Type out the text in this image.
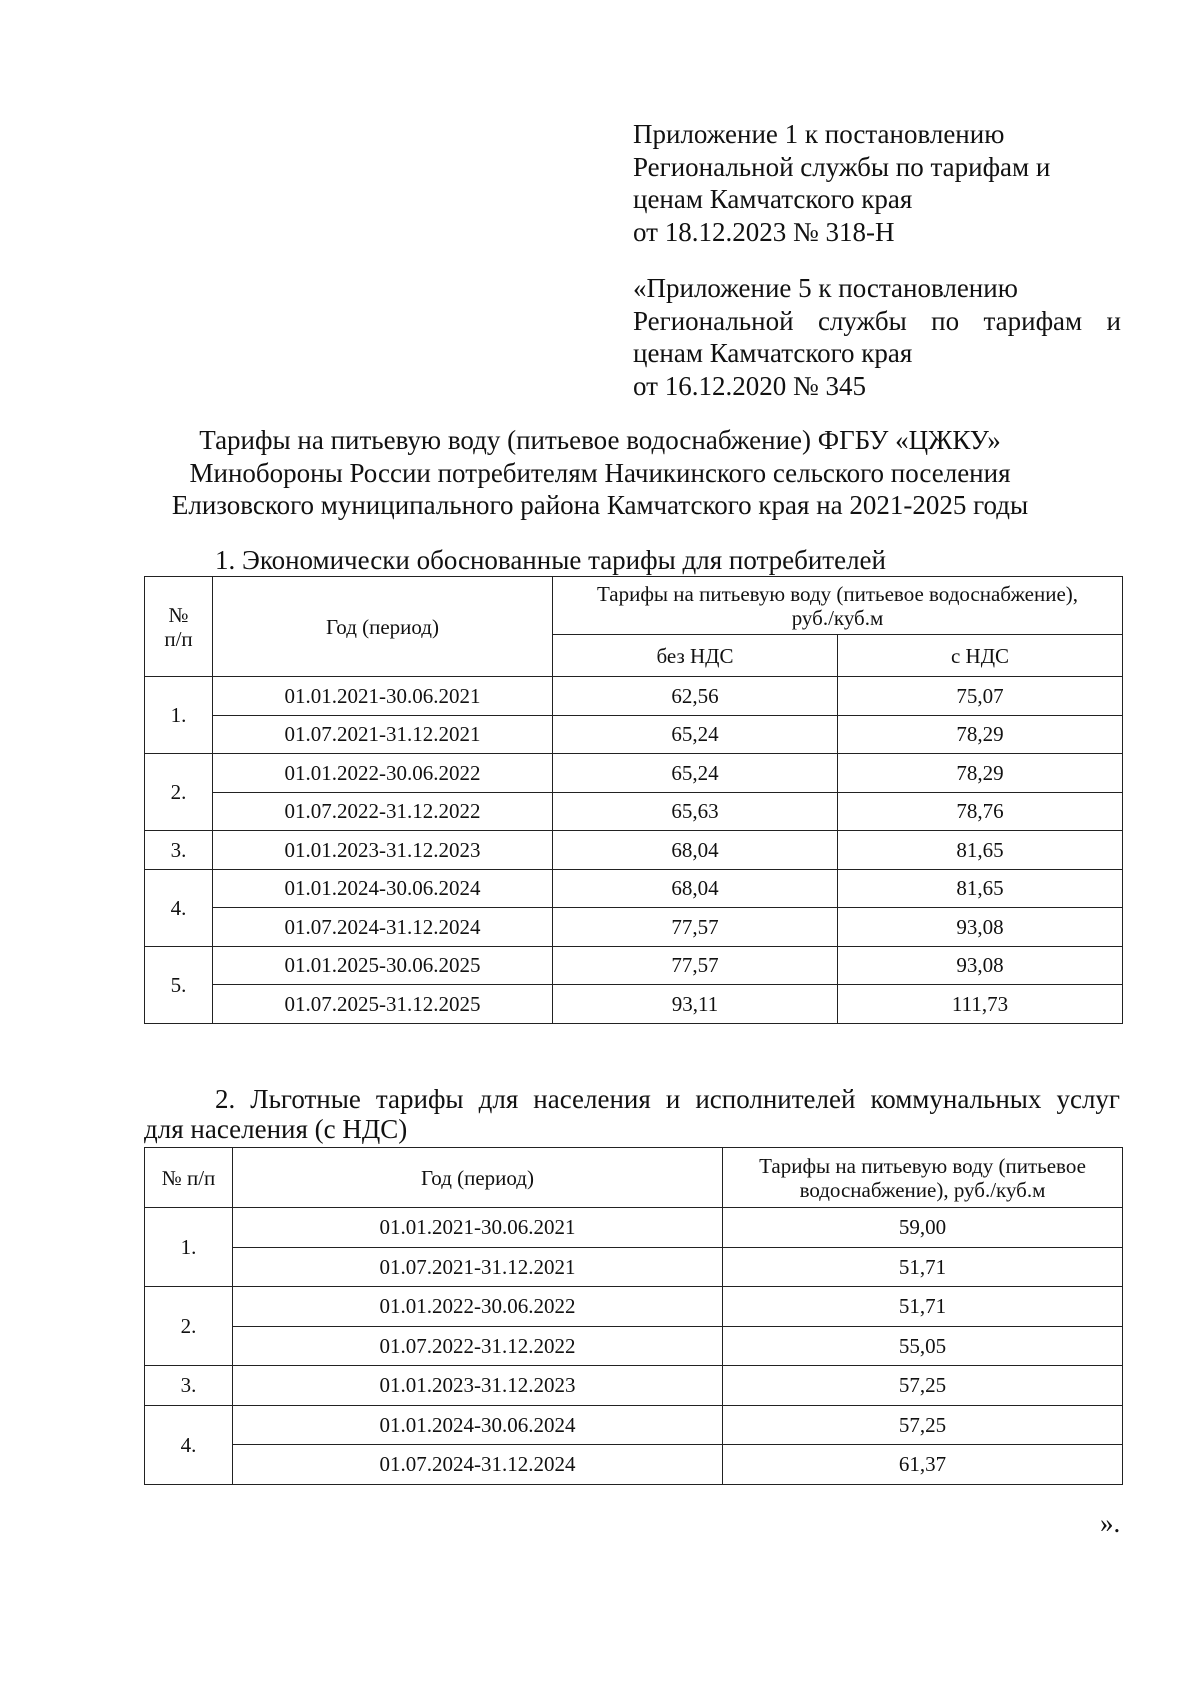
Приложение 1 к постановлению
Региональной службы по тарифам и
ценам Камчатского края
от 18.12.2023 № 318-Н
«Приложение 5 к постановлению
Региональной службы по тарифам и
ценам Камчатского края
от 16.12.2020 № 345
Тарифы на питьевую воду (питьевое водоснабжение) ФГБУ «ЦЖКУ»
Минобороны России потребителям Начикинского сельского поселения
Елизовского муниципального района Камчатского края на 2021-2025 годы
1. Экономически обоснованные тарифы для потребителей
№
п/п	Год (период)	Тарифы на питьевую воду (питьевое водоснабжение),
руб./куб.м	
		без НДС	с НДС
1.	01.01.2021-30.06.2021	62,56	75,07
	01.07.2021-31.12.2021	65,24	78,29
2.	01.01.2022-30.06.2022	65,24	78,29
	01.07.2022-31.12.2022	65,63	78,76
3.	01.01.2023-31.12.2023	68,04	81,65
4.	01.01.2024-30.06.2024	68,04	81,65
	01.07.2024-31.12.2024	77,57	93,08
5.	01.01.2025-30.06.2025	77,57	93,08
	01.07.2025-31.12.2025	93,11	111,73
2. Льготные тарифы для населения и исполнителей коммунальных услуг
для населения (с НДС)
№ п/п	Год (период)	Тарифы на питьевую воду (питьевое
водоснабжение), руб./куб.м
1.	01.01.2021-30.06.2021	59,00
	01.07.2021-31.12.2021	51,71
2.	01.01.2022-30.06.2022	51,71
	01.07.2022-31.12.2022	55,05
3.	01.01.2023-31.12.2023	57,25
4.	01.01.2024-30.06.2024	57,25
	01.07.2024-31.12.2024	61,37
».
